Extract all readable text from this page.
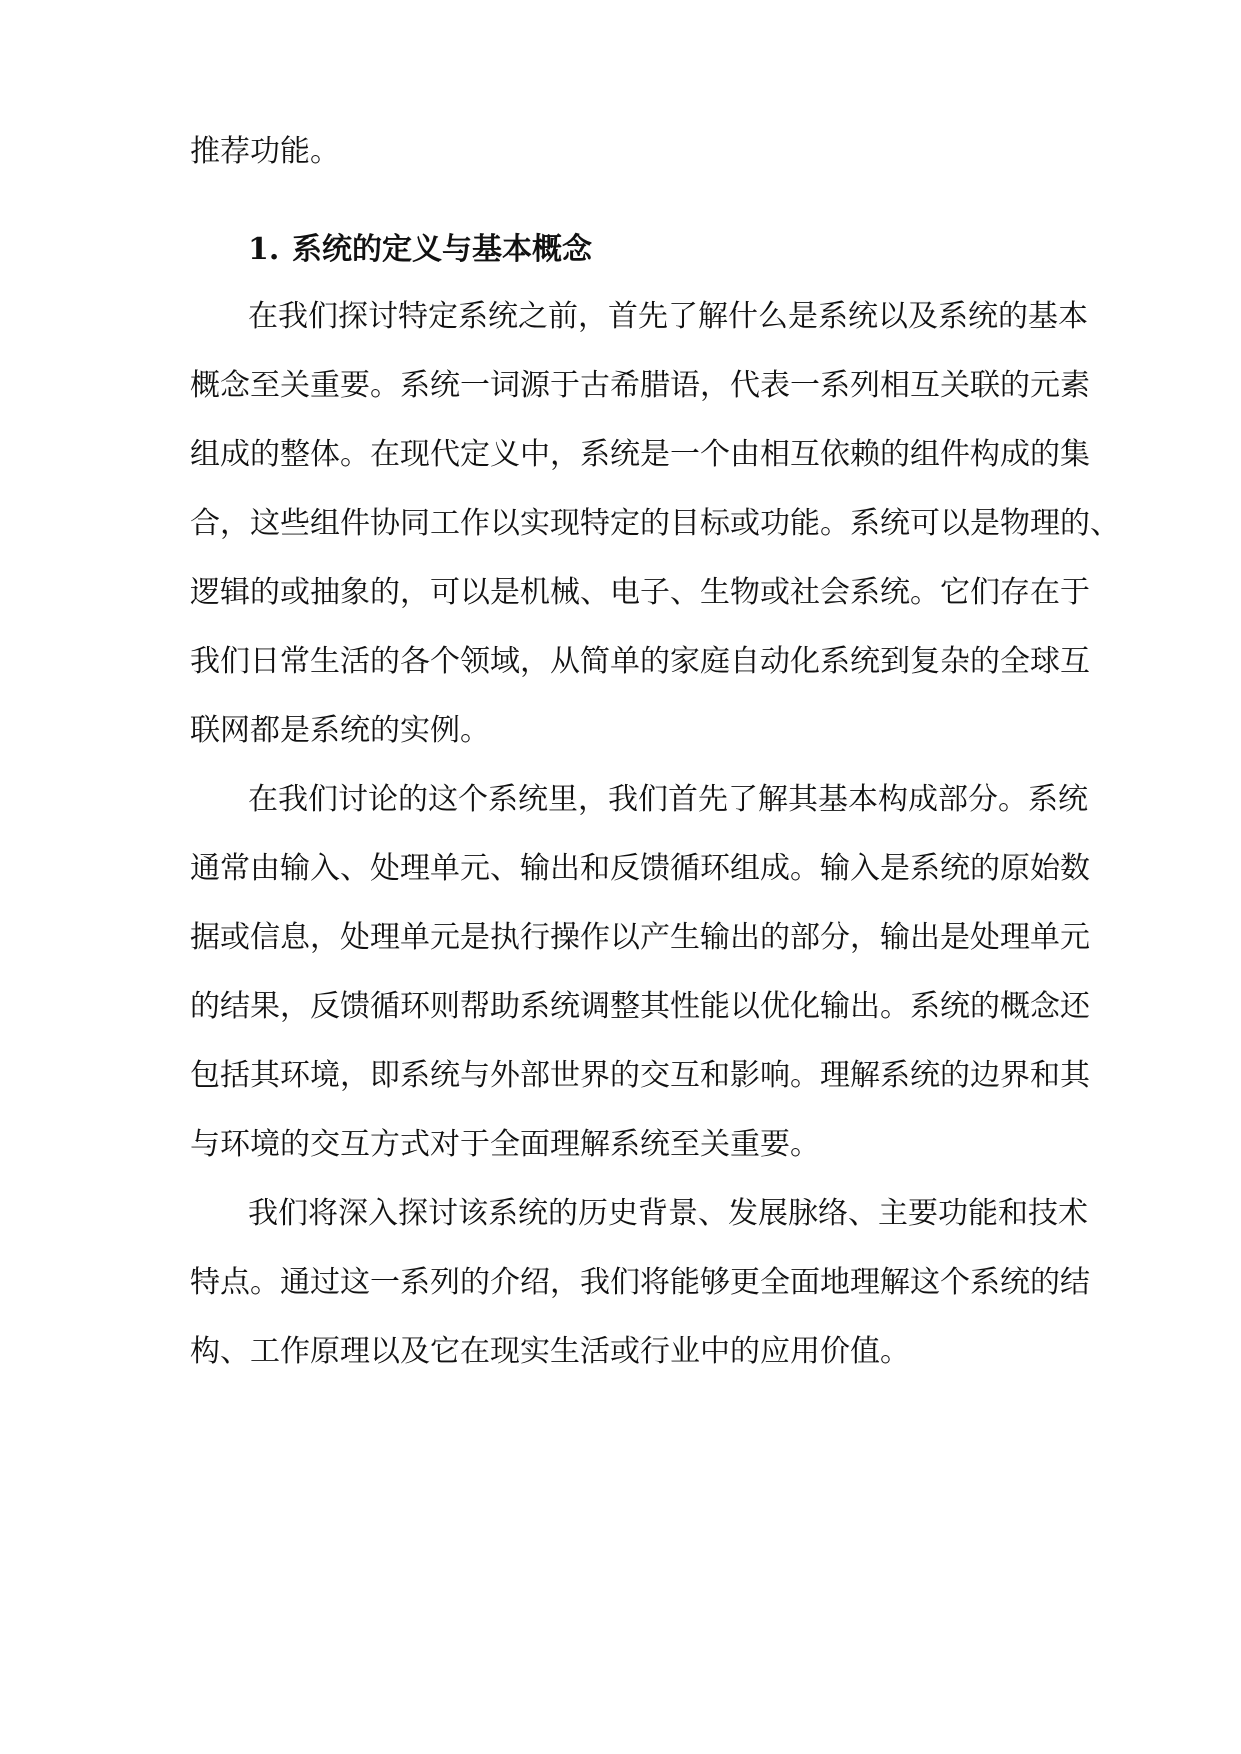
推荐功能。
1. 系统的定义与基本概念
在我们探讨特定系统之前，首先了解什么是系统以及系统的基本
概念至关重要。系统一词源于古希腊语，代表一系列相互关联的元素
组成的整体。在现代定义中，系统是一个由相互依赖的组件构成的集
合，这些组件协同工作以实现特定的目标或功能。系统可以是物理的、
逻辑的或抽象的，可以是机械、电子、生物或社会系统。它们存在于
我们日常生活的各个领域，从简单的家庭自动化系统到复杂的全球互
联网都是系统的实例。
在我们讨论的这个系统里，我们首先了解其基本构成部分。系统
通常由输入、处理单元、输出和反馈循环组成。输入是系统的原始数
据或信息，处理单元是执行操作以产生输出的部分，输出是处理单元
的结果，反馈循环则帮助系统调整其性能以优化输出。系统的概念还
包括其环境，即系统与外部世界的交互和影响。理解系统的边界和其
与环境的交互方式对于全面理解系统至关重要。
我们将深入探讨该系统的历史背景、发展脉络、主要功能和技术
特点。通过这一系列的介绍，我们将能够更全面地理解这个系统的结
构、工作原理以及它在现实生活或行业中的应用价值。
